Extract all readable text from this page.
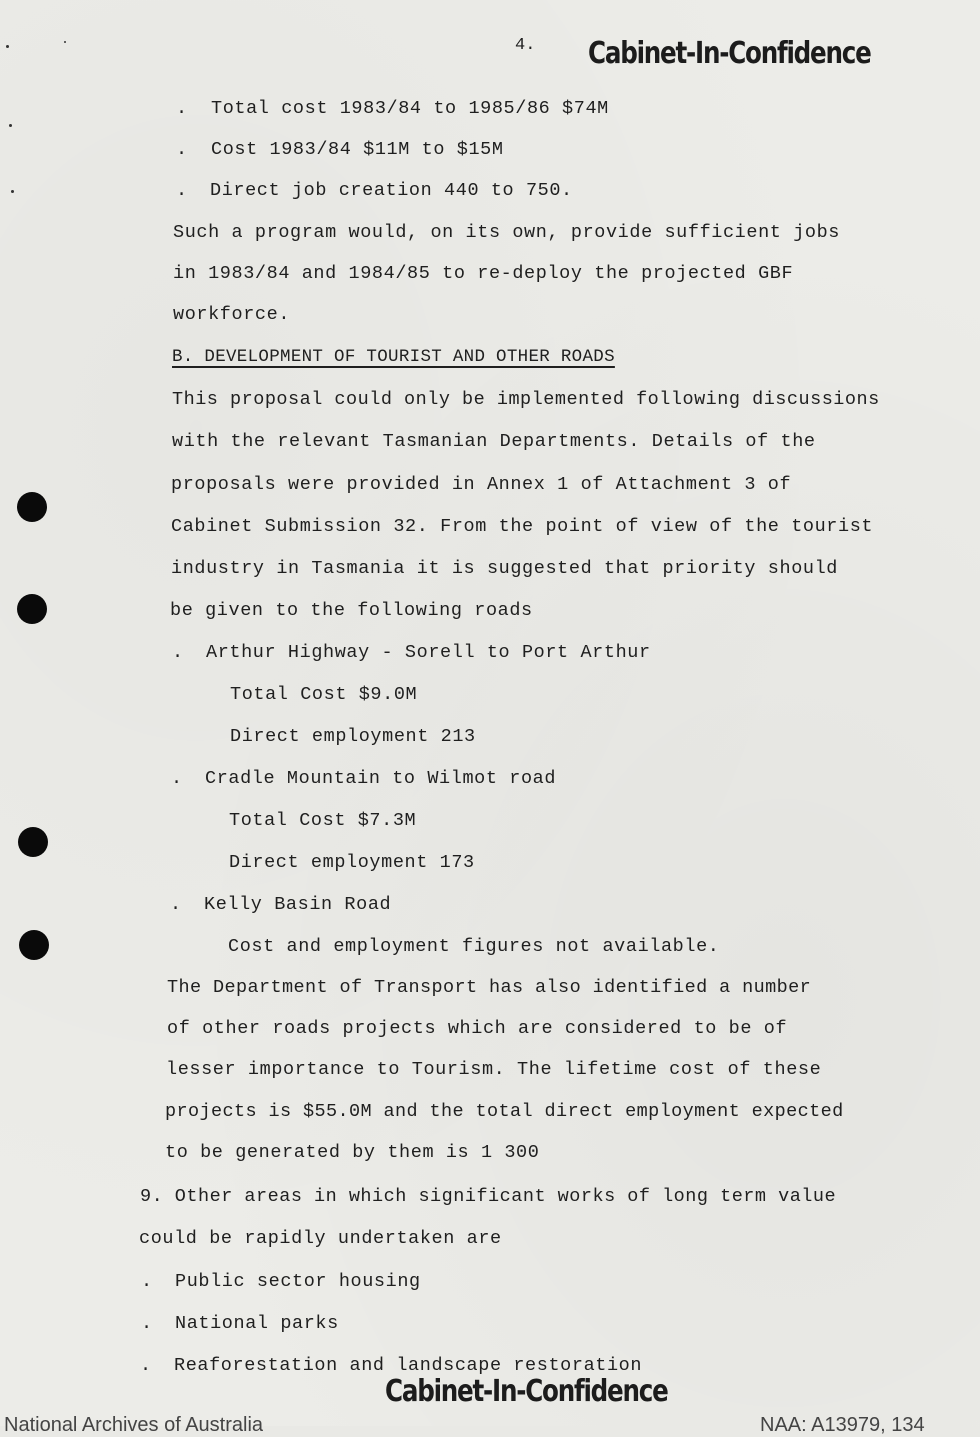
4. Cabinet-In-Confidence
. Total cost 1983/84 to 1985/86 $74M
. Cost 1983/84 $11M to $15M
. Direct job creation 440 to 750.
Such a program would, on its own, provide sufficient jobs
in 1983/84 and 1984/85 to re-deploy the projected GBF
workforce.
B. DEVELOPMENT OF TOURIST AND OTHER ROADS
This proposal could only be implemented following discussions
with the relevant Tasmanian Departments. Details of the
proposals were provided in Annex 1 of Attachment 3 of
Cabinet Submission 32. From the point of view of the tourist
industry in Tasmania it is suggested that priority should
be given to the following roads
. Arthur Highway - Sorell to Port Arthur
Total Cost $9.0M
Direct employment 213
. Cradle Mountain to Wilmot road
Total Cost $7.3M
Direct employment 173
. Kelly Basin Road
Cost and employment figures not available.
The Department of Transport has also identified a number
of other roads projects which are considered to be of
lesser importance to Tourism. The lifetime cost of these
projects is $55.0M and the total direct employment expected
to be generated by them is 1 300
9. Other areas in which significant works of long term value
could be rapidly undertaken are
. Public sector housing
. National parks
. Reaforestation and landscape restoration
Cabinet-In-Confidence
National Archives of Australia	NAA: A13979, 134
